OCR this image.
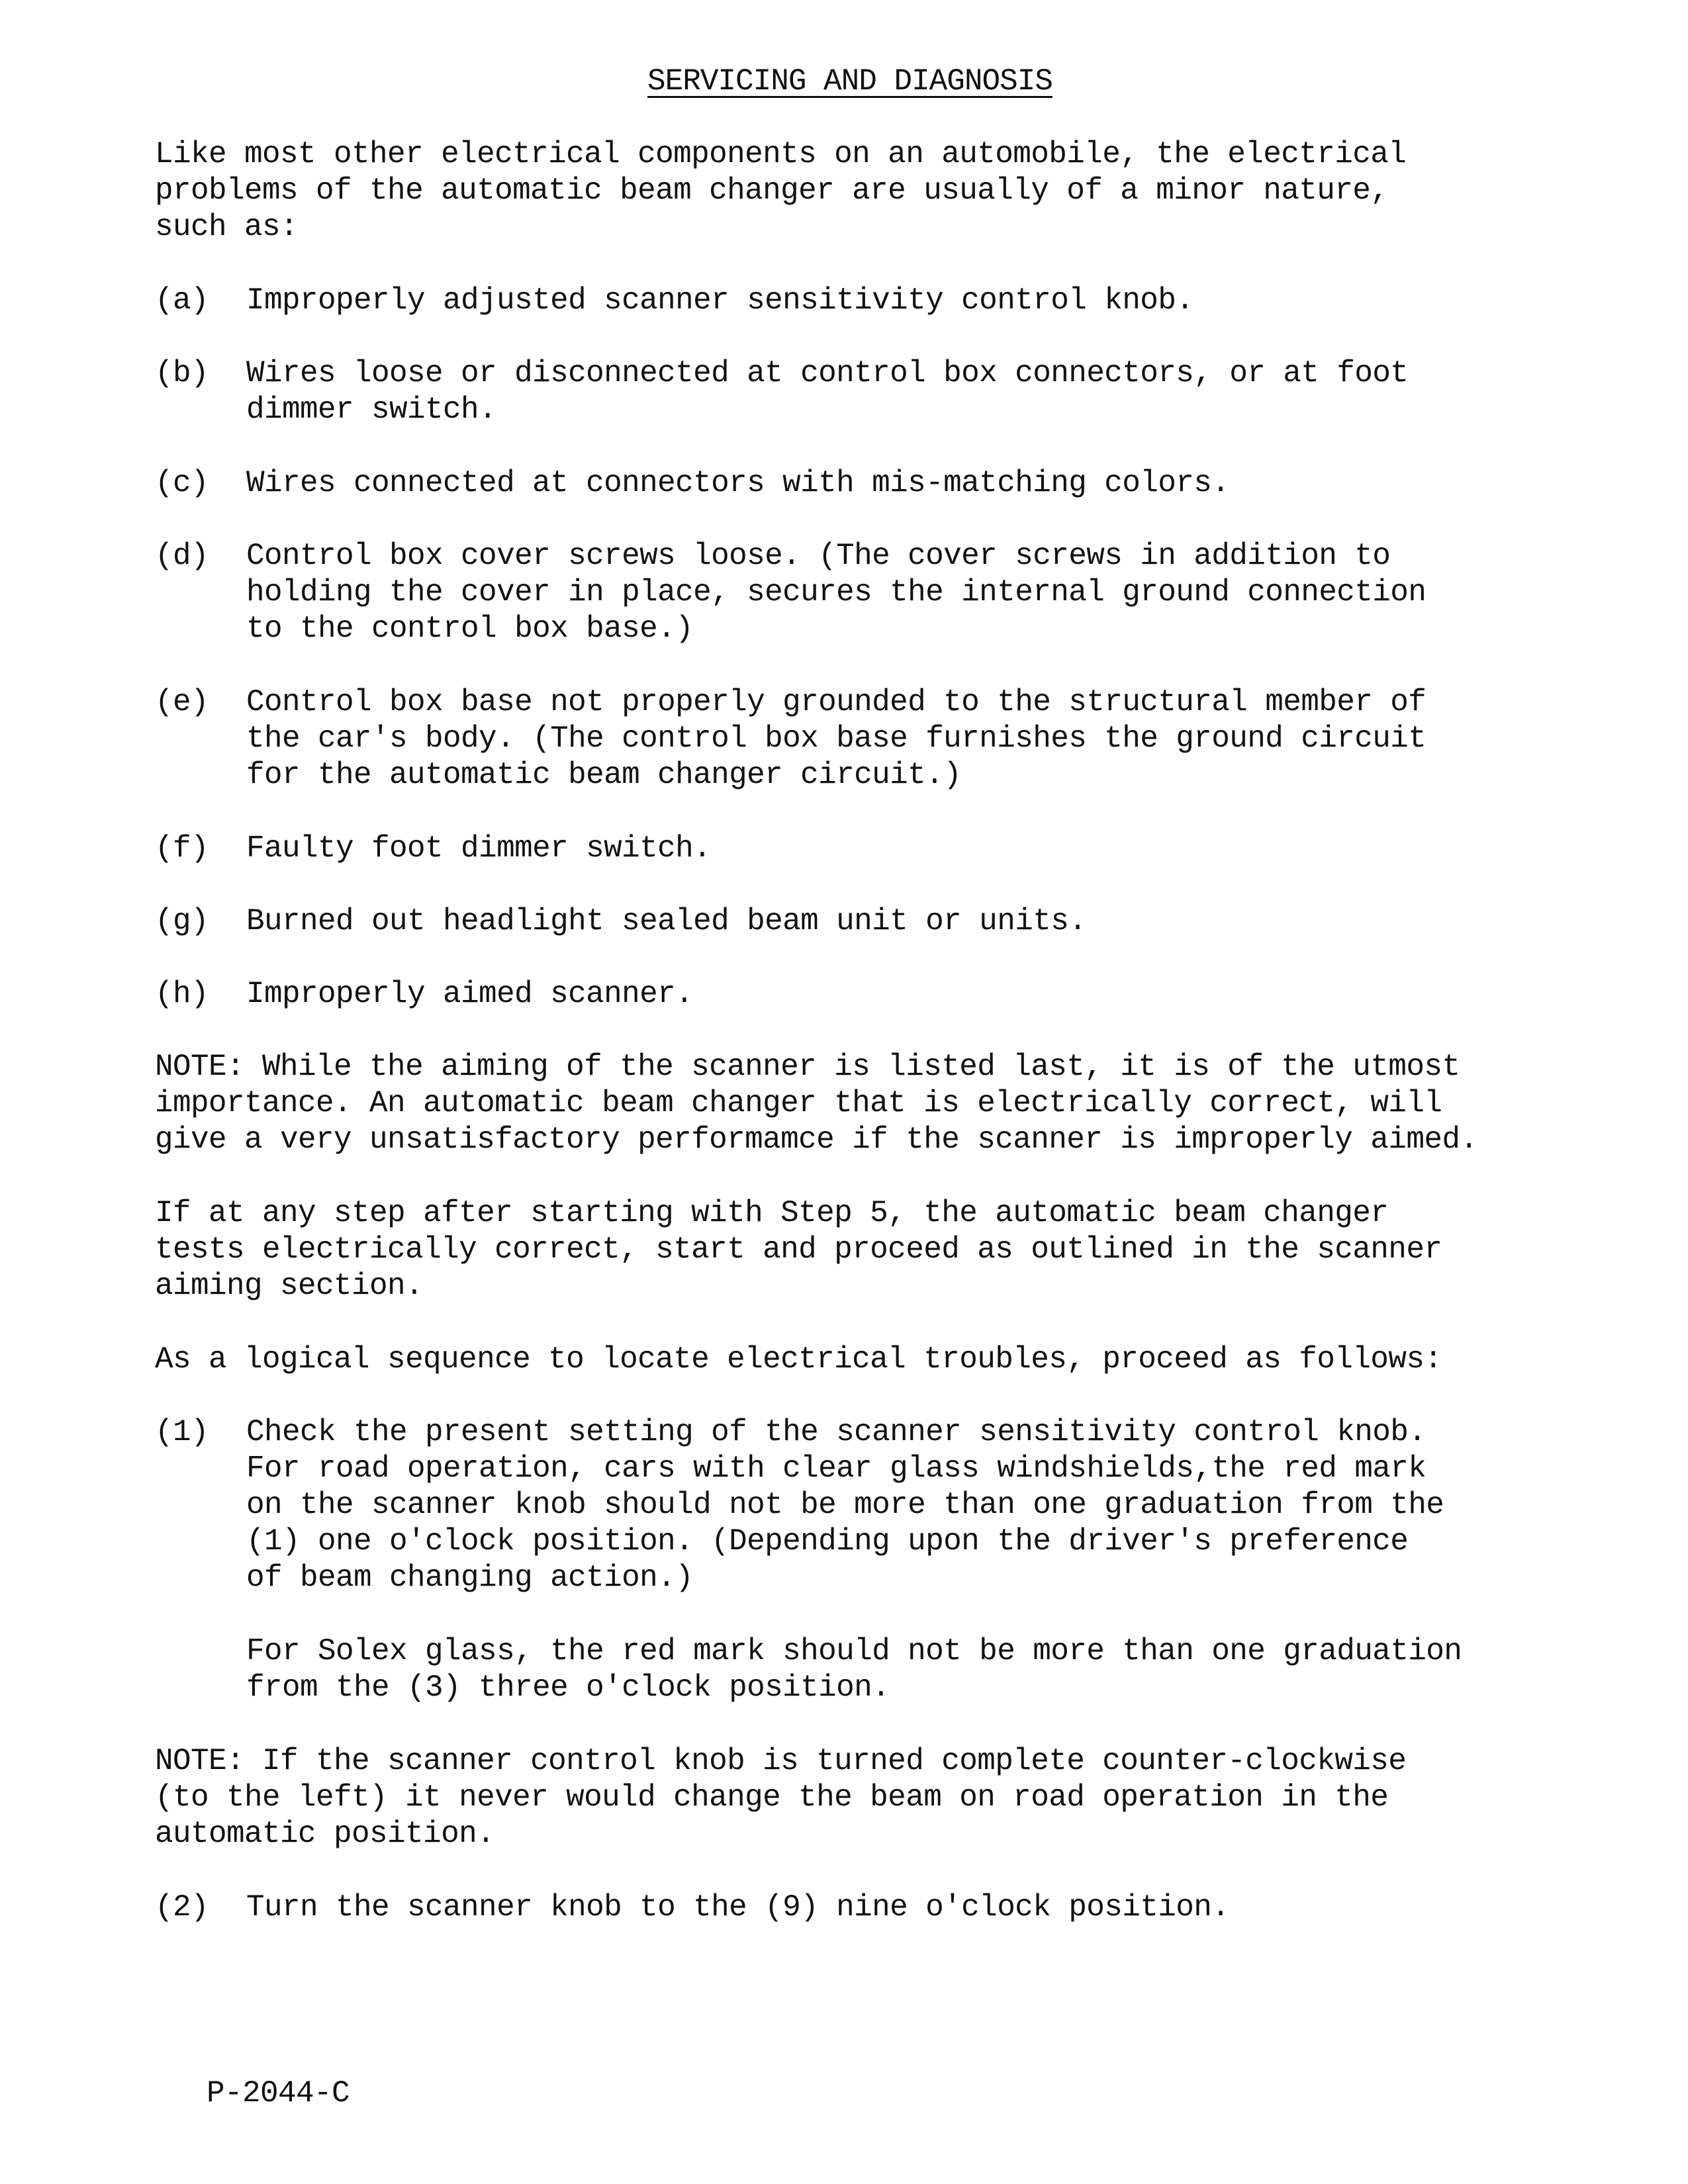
SERVICING AND DIAGNOSIS
Like most other electrical components on an automobile, the electrical
problems of the automatic beam changer are usually of a minor nature,
such as:
(a) Improperly adjusted scanner sensitivity control knob.
(b) Wires loose or disconnected at control box connectors, or at foot
dimmer switch.
(c) Wires connected at connectors with mis-matching colors.
(d) Control box cover screws loose. (The cover screws in addition to
holding the cover in place, secures the internal ground connection
to the control box base.)
(e) Control box base not properly grounded to the structural member of
the car's body. (The control box base furnishes the ground circuit
for the automatic beam changer circuit.)
(f) Faulty foot dimmer switch.
(g) Burned out headlight sealed beam unit or units.
(h) Improperly aimed scanner.
NOTE: While the aiming of the scanner is listed last, it is of the utmost
importance. An automatic beam changer that is electrically correct, will
give a very unsatisfactory performamce if the scanner is improperly aimed.
If at any step after starting with Step 5, the automatic beam changer
tests electrically correct, start and proceed as outlined in the scanner
aiming section.
As a logical sequence to locate electrical troubles, proceed as follows:
(1) Check the present setting of the scanner sensitivity control knob.
For road operation, cars with clear glass windshields,the red mark
on the scanner knob should not be more than one graduation from the
(1) one o'clock position. (Depending upon the driver's preference
of beam changing action.)
For Solex glass, the red mark should not be more than one graduation
from the (3) three o'clock position.
NOTE: If the scanner control knob is turned complete counter-clockwise
(to the left) it never would change the beam on road operation in the
automatic position.
(2) Turn the scanner knob to the (9) nine o'clock position.
P-2044-C
